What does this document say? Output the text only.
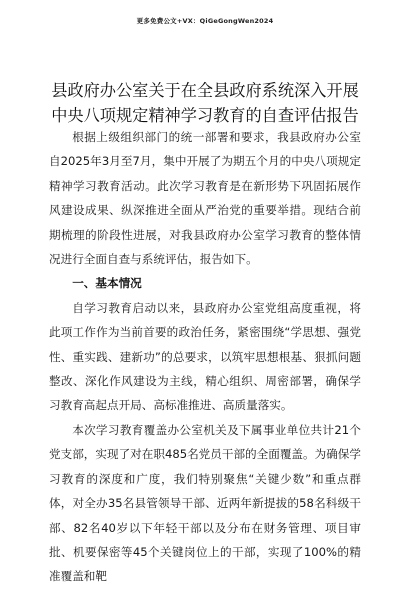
更多免费公文+VX：QiGeGongWen2024
县政府办公室关于在全县政府系统深入开展中央八项规定精神学习教育的自查评估报告

根据上级组织部门的统一部署和要求，我县政府办公室自2025年3月至7月，集中开展了为期五个月的中央八项规定精神学习教育活动。此次学习教育是在新形势下巩固拓展作风建设成果、纵深推进全面从严治党的重要举措。现结合前期梳理的阶段性进展，对我县政府办公室学习教育的整体情况进行全面自查与系统评估，报告如下。

一、基本情况

自学习教育启动以来，县政府办公室党组高度重视，将此项工作作为当前首要的政治任务，紧密围绕“学思想、强党性、重实践、建新功”的总要求，以筑牢思想根基、狠抓问题整改、深化作风建设为主线，精心组织、周密部署，确保学习教育高起点开局、高标准推进、高质量落实。

本次学习教育覆盖办公室机关及下属事业单位共计21个党支部，实现了对在职485名党员干部的全面覆盖。为确保学习教育的深度和广度，我们特别聚焦“关键少数”和重点群体，对全办35名县管领导干部、近两年新提拔的58名科级干部、82名40岁以下年轻干部以及分布在财务管理、项目审批、机要保密等45个关键岗位上的干部，实现了100%的精准覆盖和靶
